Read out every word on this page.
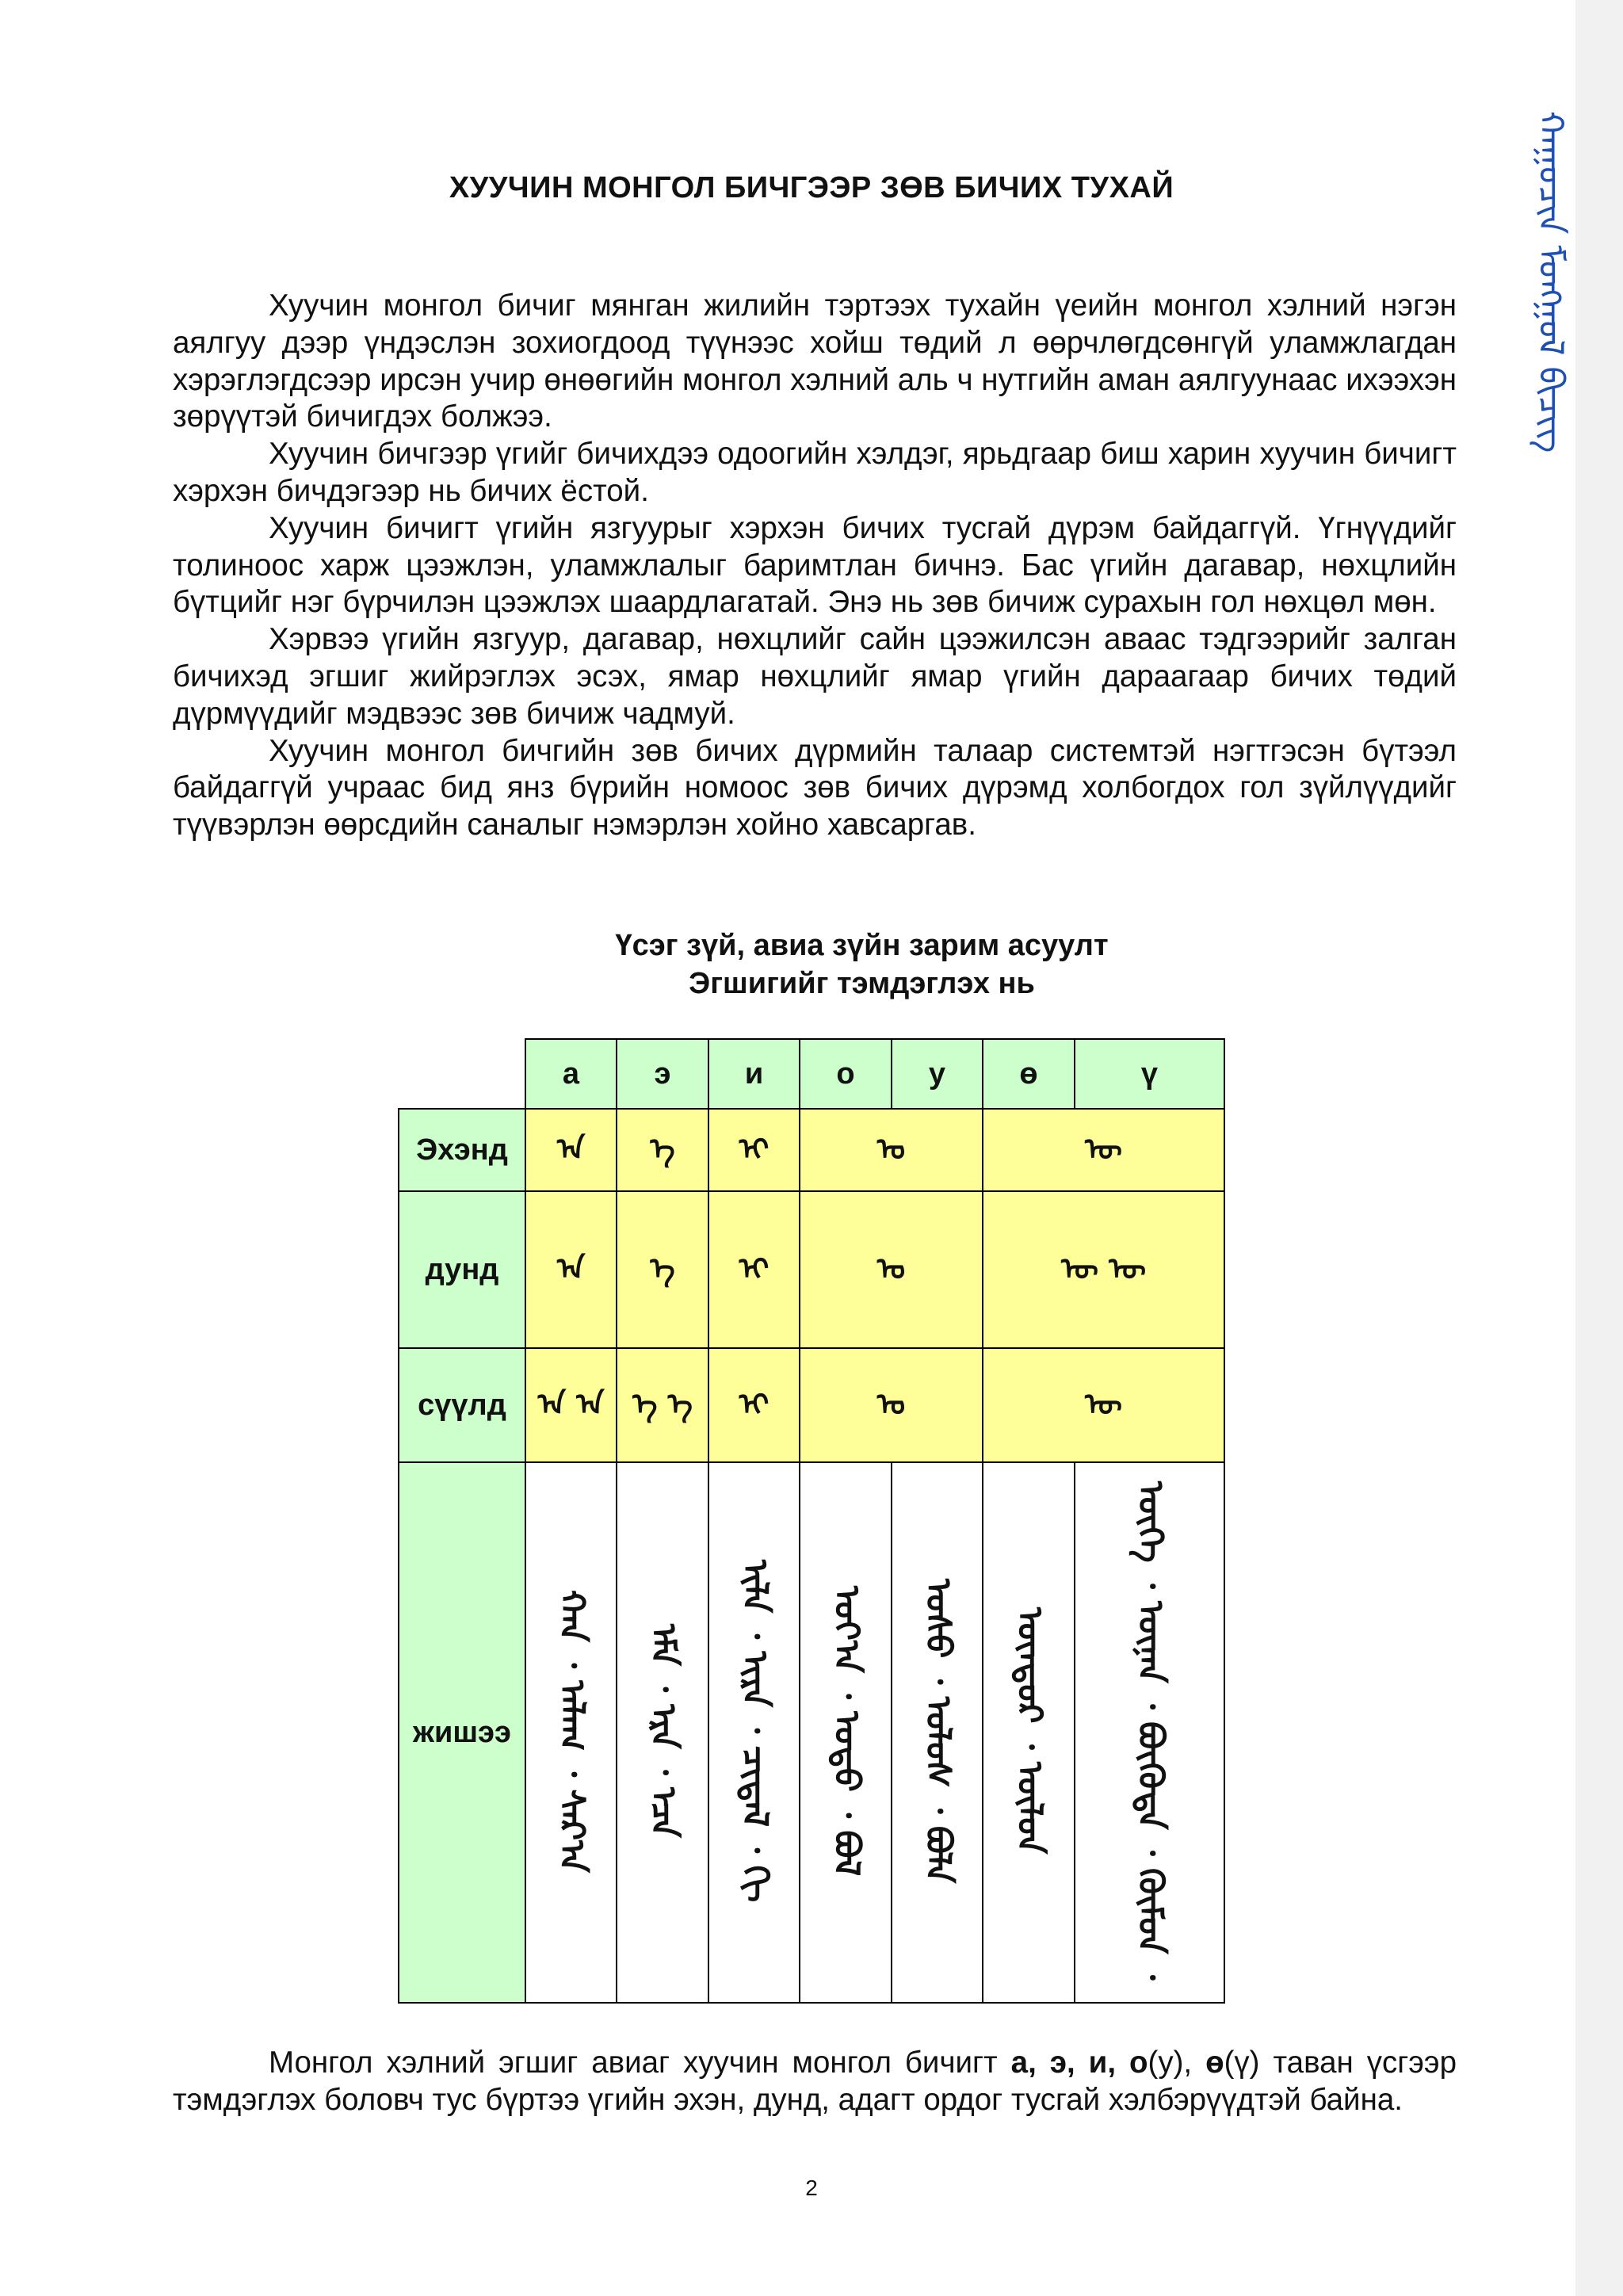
ᠬᠠᠭᠤᠴᠢᠨ ᠮᠣᠩᠭᠣᠯ ᠪᠢᠴᠢᠭ᠌
ХУУЧИН МОНГОЛ БИЧГЭЭР ЗӨВ БИЧИХ ТУХАЙ

Хуучин монгол бичиг мянган жилийн тэртээх тухайн үеийн монгол хэлний нэгэн аялгуу дээр үндэслэн зохиогдоод түүнээс хойш төдий л өөрчлөгдсөнгүй уламжлагдан хэрэглэгдсээр ирсэн учир өнөөгийн монгол хэлний аль ч нутгийн аман аялгуунаас ихээхэн зөрүүтэй бичигдэх болжээ.

Хуучин бичгээр үгийг бичихдээ одоогийн хэлдэг, ярьдгаар биш харин хуучин бичигт хэрхэн бичдэгээр нь бичих ёстой.

Хуучин бичигт үгийн язгуурыг хэрхэн бичих тусгай дүрэм байдаггүй. Үгнүүдийг толиноос харж цээжлэн, уламжлалыг баримтлан бичнэ. Бас үгийн дагавар, нөхцлийн бүтцийг нэг бүрчилэн цээжлэх шаардлагатай. Энэ нь зөв бичиж сурахын гол нөхцөл мөн.

Хэрвээ үгийн язгуур, дагавар, нөхцлийг сайн цээжилсэн аваас тэдгээрийг залган бичихэд эгшиг жийрэглэх эсэх, ямар нөхцлийг ямар үгийн дараагаар бичих төдий дүрмүүдийг мэдвээс зөв бичиж чадмуй.

Хуучин монгол бичгийн зөв бичих дүрмийн талаар системтэй нэгтгэсэн бүтээл байдаггүй учраас бид янз бүрийн номоос зөв бичих дүрэмд холбогдох гол зүйлүүдийг түүвэрлэн өөрсдийн саналыг нэмэрлэн хойно хавсаргав.

Үсэг зүй, авиа зүйн зарим асуулт
Эгшигийг тэмдэглэх нь
	а	э	и	о	у	ө	ү
Эхэнд	ᠠ	ᠡ	ᠢ	ᠣ		ᠥ	
дунд	ᠠ	ᠡ	ᠢ	ᠣ		ᠥ ᠥ	
сүүлд	ᠠ ᠠ	ᠡ ᠡ	ᠢ	ᠣ		ᠥ	
жишээ	ᠬᠠᠨ ᠂ ᠠᠯᠠᠭ ᠂ ᠰᠠᠷ᠎ᠠ	ᠡᠮᠡ ᠂ ᠡᠷᠡ ᠂ ᠡᠴᠡ	ᠢᠯᠡ ᠂ ᠢᠷᠡ ᠂ ᠴᠢᠳᠠᠯ ᠂ ᠬᠢ	ᠣᠶ᠎ᠠ ᠂ ᠣᠳᠣ ᠂ ᠪᠣᠯ	ᠤᠰᠤ ᠂ ᠤᠯᠤᠰ ᠂ ᠪᠤᠯᠠ	ᠥᠨᠳᠦᠷ ᠂ ᠥᠯᠥᠨ	ᠦᠭᠡ ᠂ ᠦᠨᠡᠨ ᠂ ᠪᠦᠭᠦᠳᠡ ᠂ ᠬᠦᠮᠦᠨ ᠂

Монгол хэлний эгшиг авиаг хуучин монгол бичигт а, э, и, о(у), ө(ү) таван үсгээр тэмдэглэх боловч тус бүртээ үгийн эхэн, дунд, адагт ордог тусгай хэлбэрүүдтэй байна.

2
